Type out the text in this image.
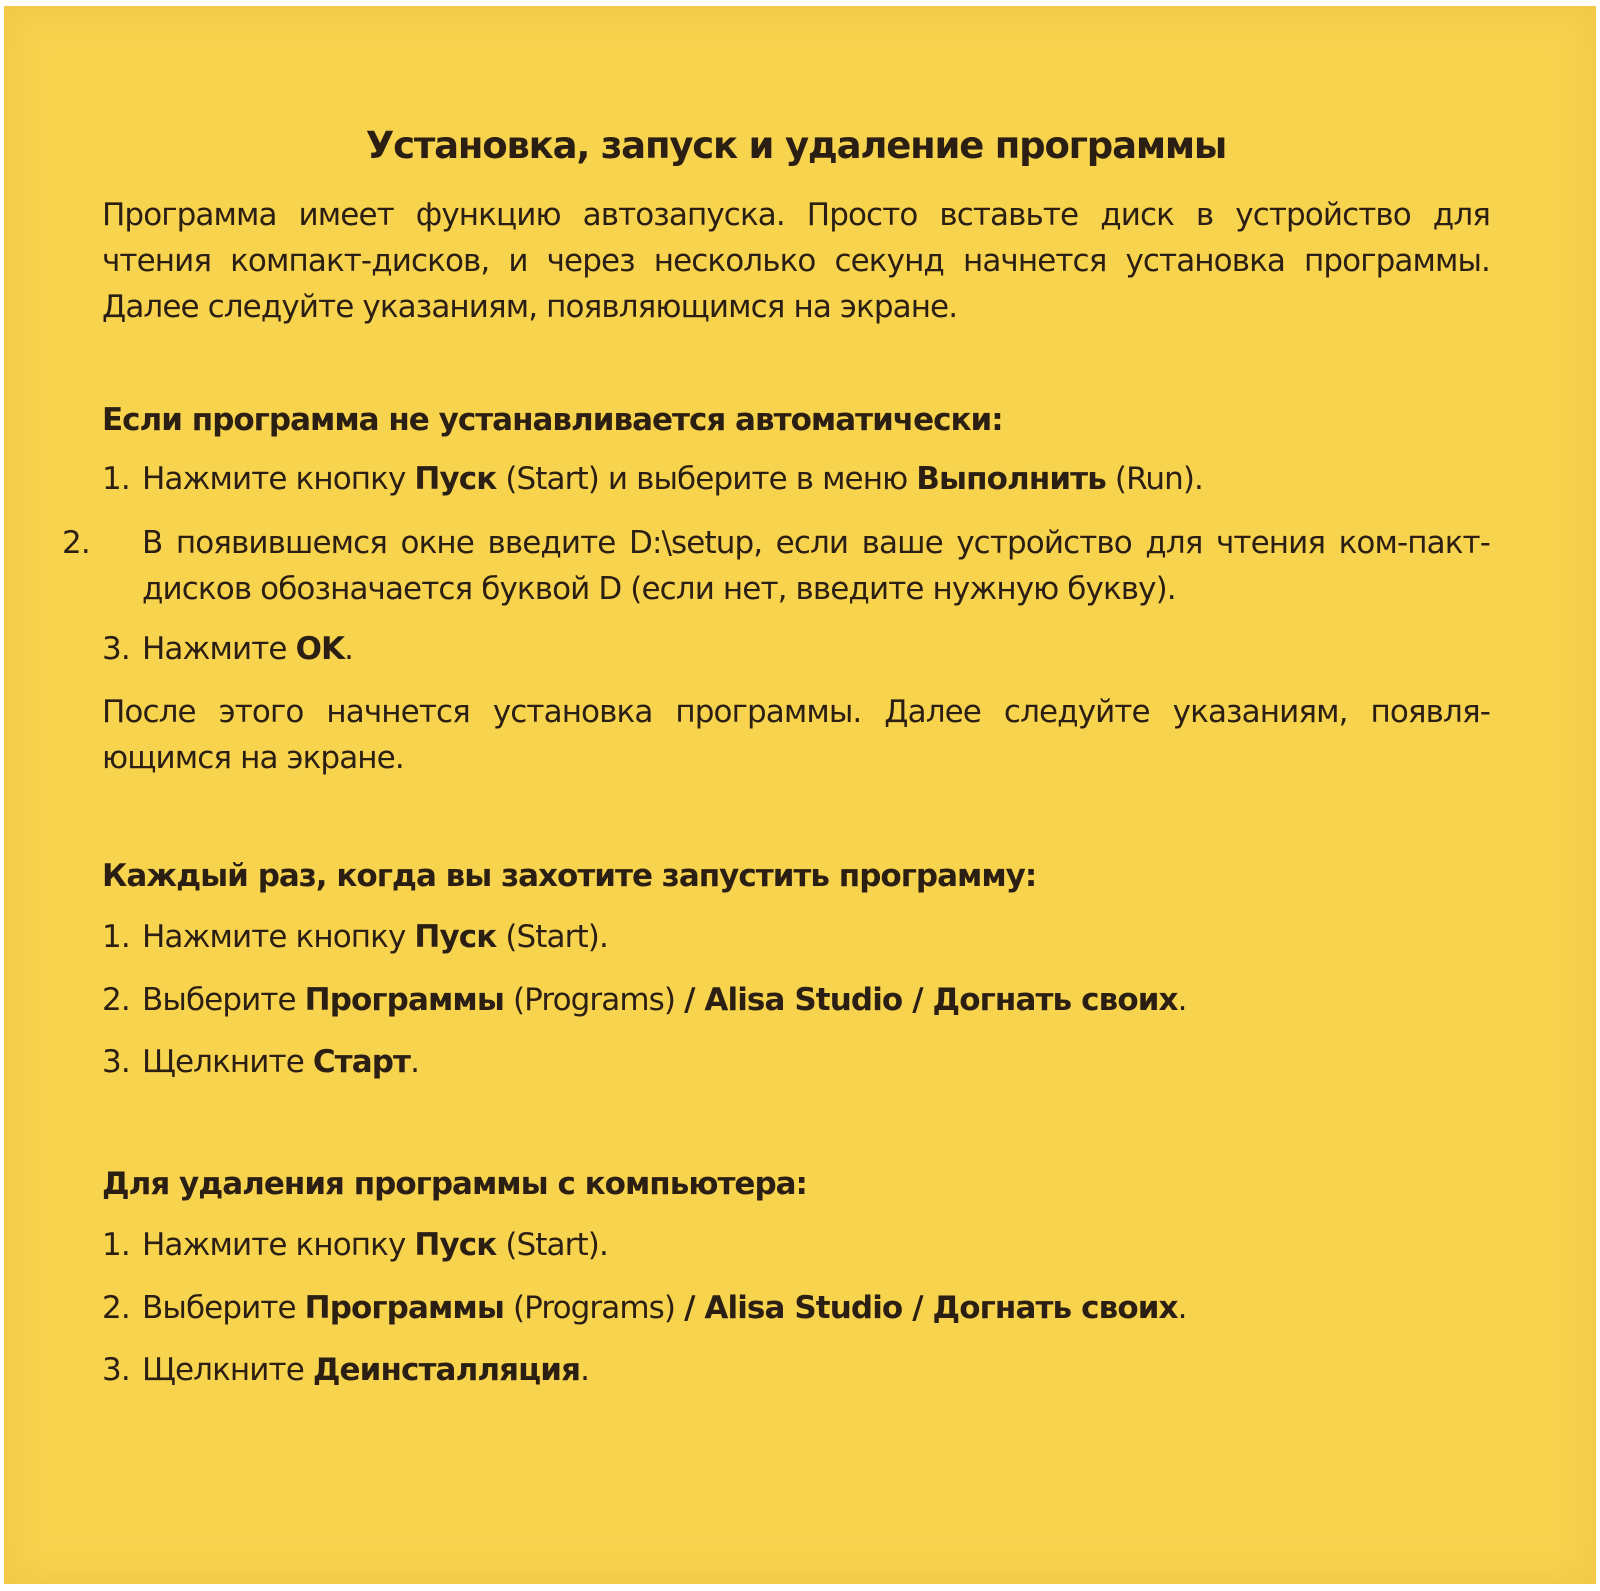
Установка, запуск и удаление программы

Программа имеет функцию автозапуска. Просто вставьте диск в устройство для чтения компакт-дисков, и через несколько секунд начнется установка программы. Далее следуйте указаниям, появляющимся на экране.

Если программа не устанавливается автоматически:

1. Нажмите кнопку Пуск (Start) и выберите в меню Выполнить (Run).

2. В появившемся окне введите D:\setup, если ваше устройство для чтения ком-пакт-дисков обозначается буквой D (если нет, введите нужную букву).

3. Нажмите OK.

После этого начнется установка программы. Далее следуйте указаниям, появля-ющимся на экране.

Каждый раз, когда вы захотите запустить программу:

1. Нажмите кнопку Пуск (Start).

2. Выберите Программы (Programs) / Alisa Studio / Догнать своих.

3. Щелкните Старт.

Для удаления программы с компьютера:

1. Нажмите кнопку Пуск (Start).

2. Выберите Программы (Programs) / Alisa Studio / Догнать своих.

3. Щелкните Деинсталляция.
